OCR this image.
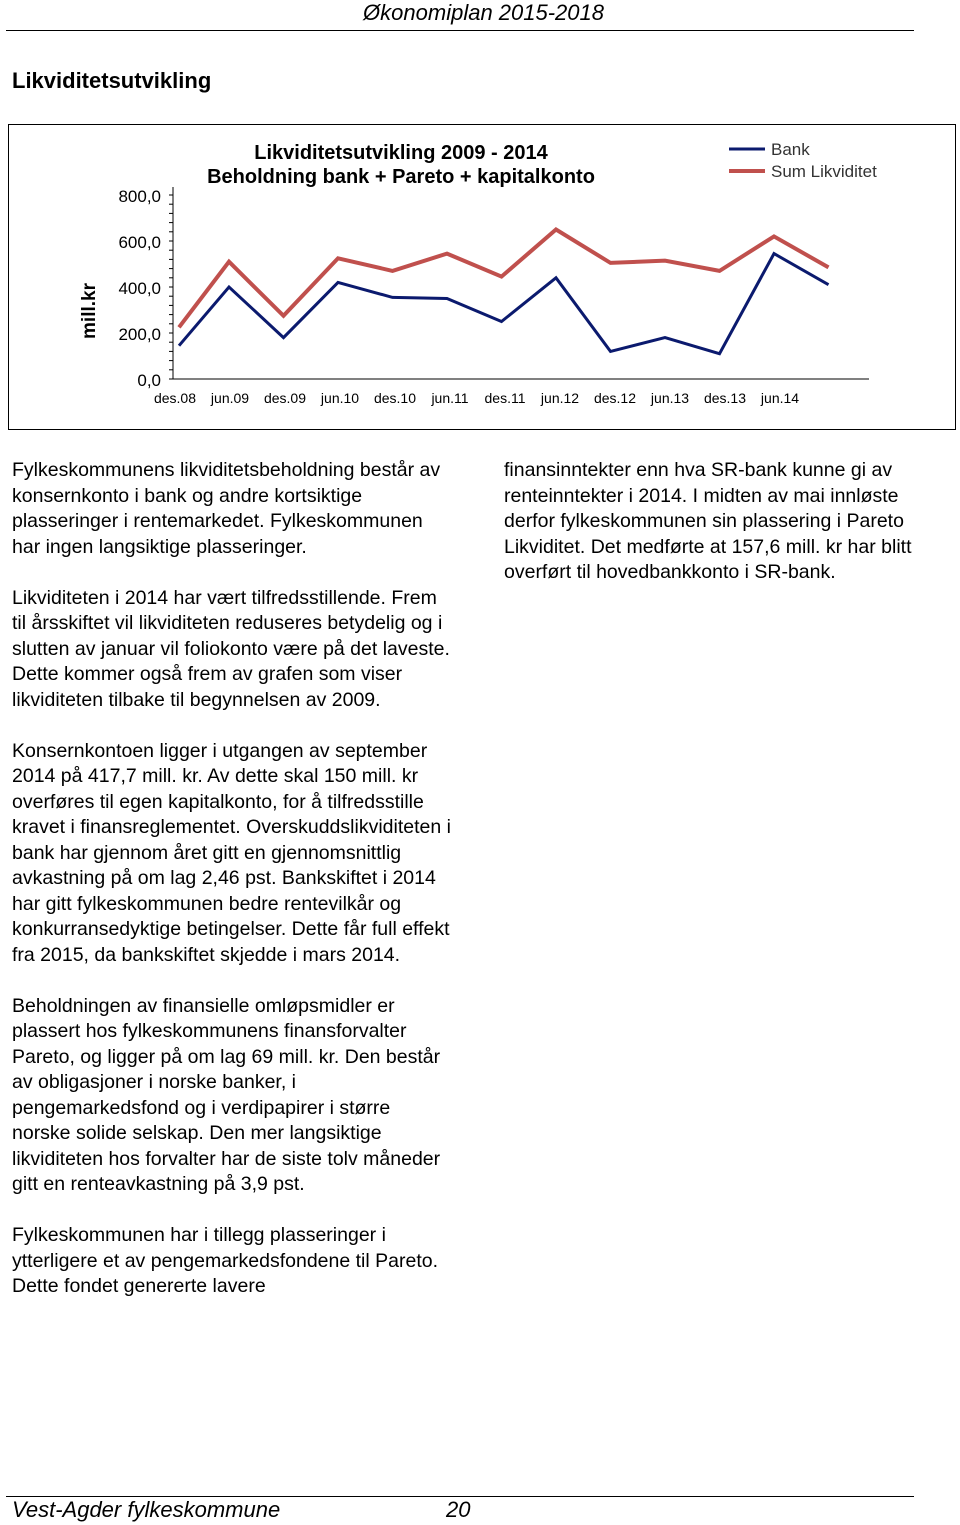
Økonomiplan 2015-2018
Likviditetsutvikling
Likviditetsutvikling 2009 - 2014
Beholdning bank + Pareto + kapitalkonto
mill.kr
0,0
200,0
400,0
600,0
800,0
des.08 jun.09 des.09 jun.10 des.10 jun.11 des.11 jun.12 des.12 jun.13 des.13 jun.14
Bank
Sum Likviditet

Fylkeskommunens likviditetsbeholdning består av konsernkonto i bank og andre kortsiktige plasseringer i rentemarkedet. Fylkeskommunen har ingen langsiktige plasseringer.

Likviditeten i 2014 har vært tilfredsstillende. Frem til årsskiftet vil likviditeten reduseres betydelig og i slutten av januar vil foliokonto være på det laveste. Dette kommer også frem av grafen som viser likviditeten tilbake til begynnelsen av 2009.

Konsernkontoen ligger i utgangen av september 2014 på 417,7 mill. kr. Av dette skal 150 mill. kr overføres til egen kapitalkonto, for å tilfredsstille kravet i finansreglementet. Overskuddslikviditeten i bank har gjennom året gitt en gjennomsnittlig avkastning på om lag 2,46 pst. Bankskiftet i 2014 har gitt fylkeskommunen bedre rentevilkår og konkurransedyktige betingelser. Dette får full effekt fra 2015, da bankskiftet skjedde i mars 2014.

Beholdningen av finansielle omløpsmidler er plassert hos fylkeskommunens finansforvalter Pareto, og ligger på om lag 69 mill. kr. Den består av obligasjoner i norske banker, i pengemarkedsfond og i verdipapirer i større norske solide selskap. Den mer langsiktige likviditeten hos forvalter har de siste tolv måneder gitt en renteavkastning på 3,9 pst.

Fylkeskommunen har i tillegg plasseringer i ytterligere et av pengemarkedsfondene til Pareto. Dette fondet genererte lavere

finansinntekter enn hva SR-bank kunne gi av renteinntekter i 2014. I midten av mai innløste derfor fylkeskommunen sin plassering i Pareto Likviditet. Det medførte at 157,6 mill. kr har blitt overført til hovedbankkonto i SR-bank.

Vest-Agder fylkeskommune	20
